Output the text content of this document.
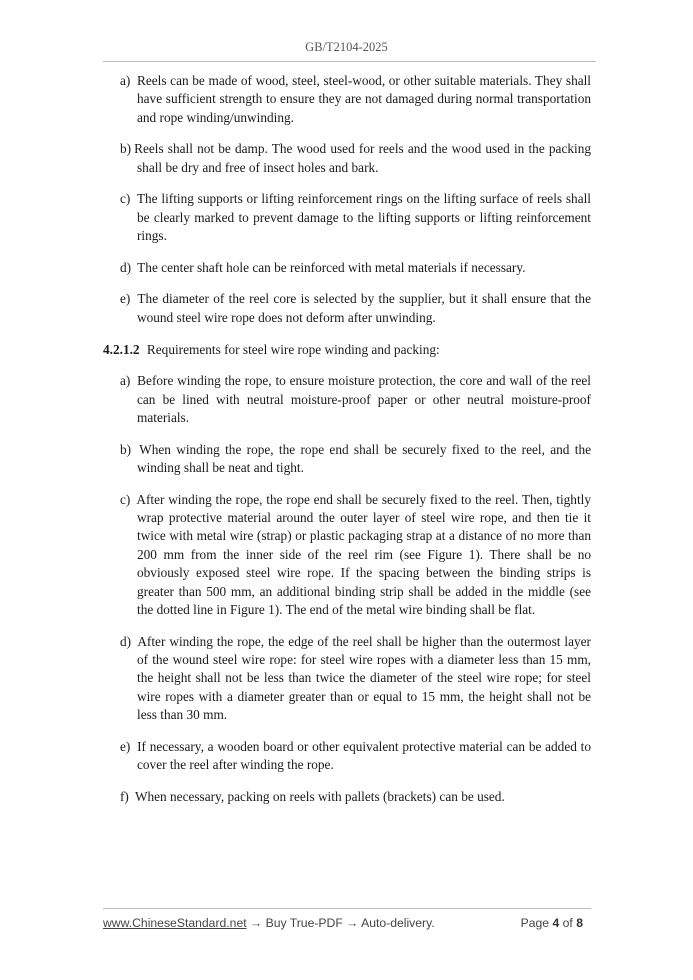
GB/T2104-2025
a) Reels can be made of wood, steel, steel-wood, or other suitable materials. They shall have sufficient strength to ensure they are not damaged during normal transportation and rope winding/unwinding.
b) Reels shall not be damp. The wood used for reels and the wood used in the packing shall be dry and free of insect holes and bark.
c) The lifting supports or lifting reinforcement rings on the lifting surface of reels shall be clearly marked to prevent damage to the lifting supports or lifting reinforcement rings.
d) The center shaft hole can be reinforced with metal materials if necessary.
e) The diameter of the reel core is selected by the supplier, but it shall ensure that the wound steel wire rope does not deform after unwinding.
4.2.1.2 Requirements for steel wire rope winding and packing:
a) Before winding the rope, to ensure moisture protection, the core and wall of the reel can be lined with neutral moisture-proof paper or other neutral moisture-proof materials.
b) When winding the rope, the rope end shall be securely fixed to the reel, and the winding shall be neat and tight.
c) After winding the rope, the rope end shall be securely fixed to the reel. Then, tightly wrap protective material around the outer layer of steel wire rope, and then tie it twice with metal wire (strap) or plastic packaging strap at a distance of no more than 200 mm from the inner side of the reel rim (see Figure 1). There shall be no obviously exposed steel wire rope. If the spacing between the binding strips is greater than 500 mm, an additional binding strip shall be added in the middle (see the dotted line in Figure 1). The end of the metal wire binding shall be flat.
d) After winding the rope, the edge of the reel shall be higher than the outermost layer of the wound steel wire rope: for steel wire ropes with a diameter less than 15 mm, the height shall not be less than twice the diameter of the steel wire rope; for steel wire ropes with a diameter greater than or equal to 15 mm, the height shall not be less than 30 mm.
e) If necessary, a wooden board or other equivalent protective material can be added to cover the reel after winding the rope.
f) When necessary, packing on reels with pallets (brackets) can be used.
www.ChineseStandard.net → Buy True-PDF → Auto-delivery.	Page 4 of 8
